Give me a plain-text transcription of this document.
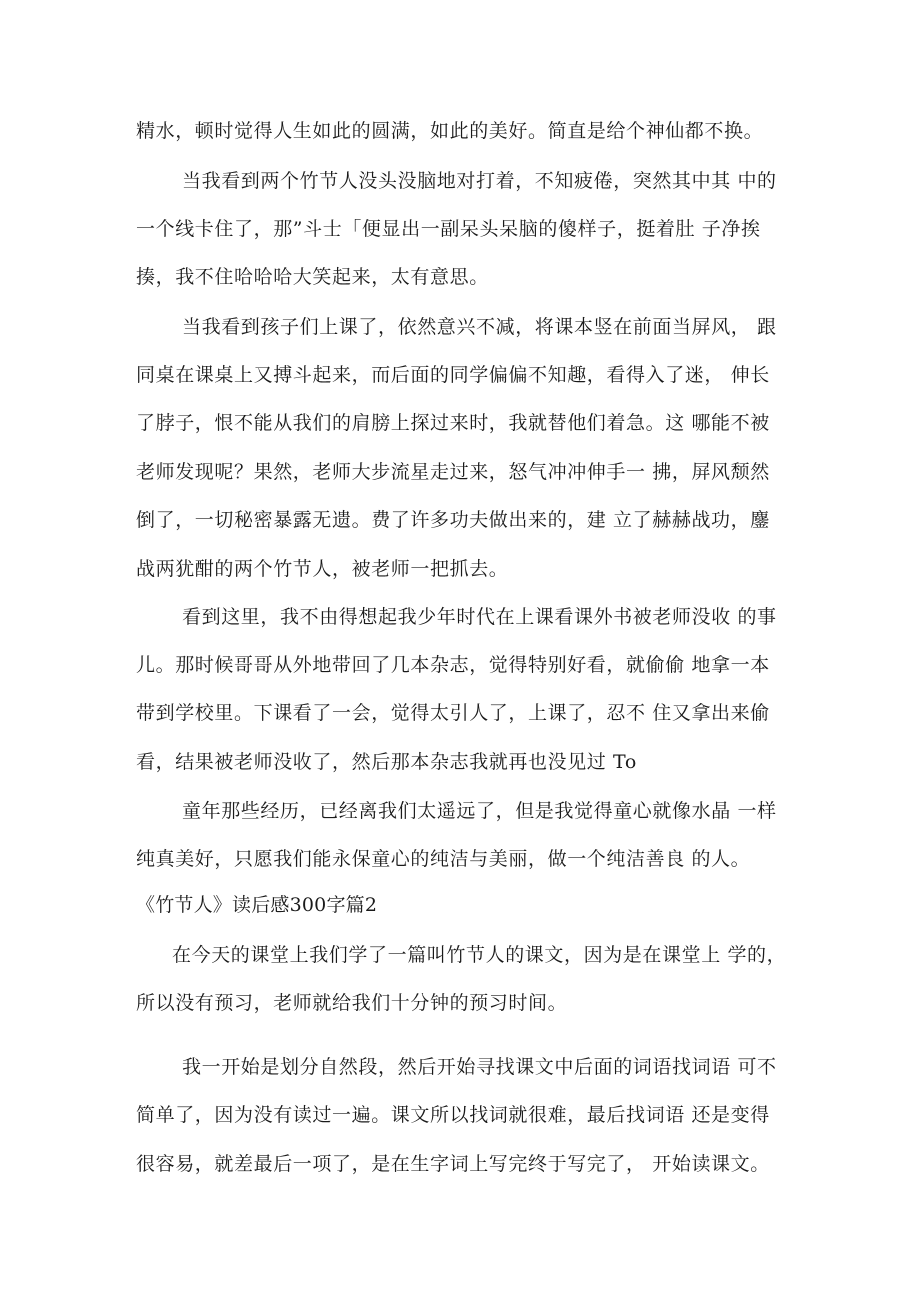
精水，顿时觉得人生如此的圆满，如此的美好。简直是给个神仙都不换。
当我看到两个竹节人没头没脑地对打着，不知疲倦，突然其中其 中的
一个线卡住了，那”斗士「便显出一副呆头呆脑的傻样子，挺着肚 子净挨
揍，我不住哈哈哈大笑起来，太有意思。
当我看到孩子们上课了，依然意兴不减，将课本竖在前面当屏风， 跟
同桌在课桌上又搏斗起来，而后面的同学偏偏不知趣，看得入了迷， 伸长
了脖子，恨不能从我们的肩膀上探过来时，我就替他们着急。这 哪能不被
老师发现呢？果然，老师大步流星走过来，怒气冲冲伸手一 拂，屏风颓然
倒了，一切秘密暴露无遗。费了许多功夫做出来的，建 立了赫赫战功，鏖
战两犹酣的两个竹节人，被老师一把抓去。
看到这里，我不由得想起我少年时代在上课看课外书被老师没收 的事
儿。那时候哥哥从外地带回了几本杂志，觉得特别好看，就偷偷 地拿一本
带到学校里。下课看了一会，觉得太引人了，上课了，忍不 住又拿出来偷
看，结果被老师没收了，然后那本杂志我就再也没见过 To
童年那些经历，已经离我们太遥远了，但是我觉得童心就像水晶 一样
纯真美好，只愿我们能永保童心的纯洁与美丽，做一个纯洁善良 的人。
《竹节人》读后感300字篇2
在今天的课堂上我们学了一篇叫竹节人的课文，因为是在课堂上 学的，
所以没有预习，老师就给我们十分钟的预习时间。
我一开始是划分自然段，然后开始寻找课文中后面的词语找词语 可不
简单了，因为没有读过一遍。课文所以找词就很难，最后找词语 还是变得
很容易，就差最后一项了，是在生字词上写完终于写完了， 开始读课文。
